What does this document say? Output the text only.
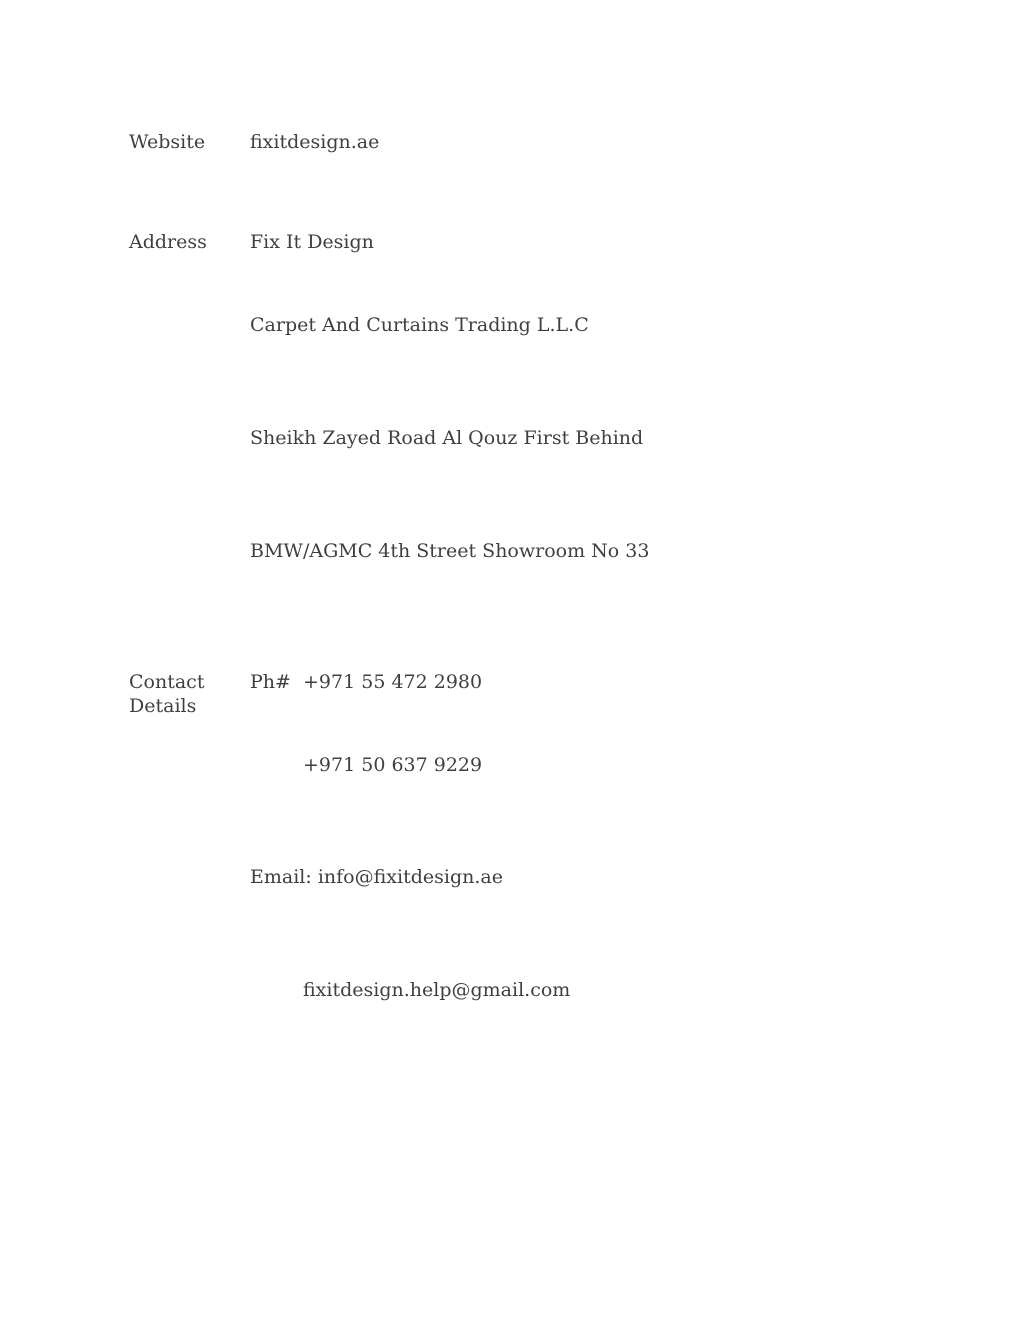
Website fixitdesign.ae
Address Fix It Design
Carpet And Curtains Trading L.L.C
Sheikh Zayed Road Al Qouz First Behind
BMW/AGMC 4th Street Showroom No 33
Contact Details
Ph# +971 55 472 2980
+971 50 637 9229
Email: info@fixitdesign.ae
fixitdesign.help@gmail.com
